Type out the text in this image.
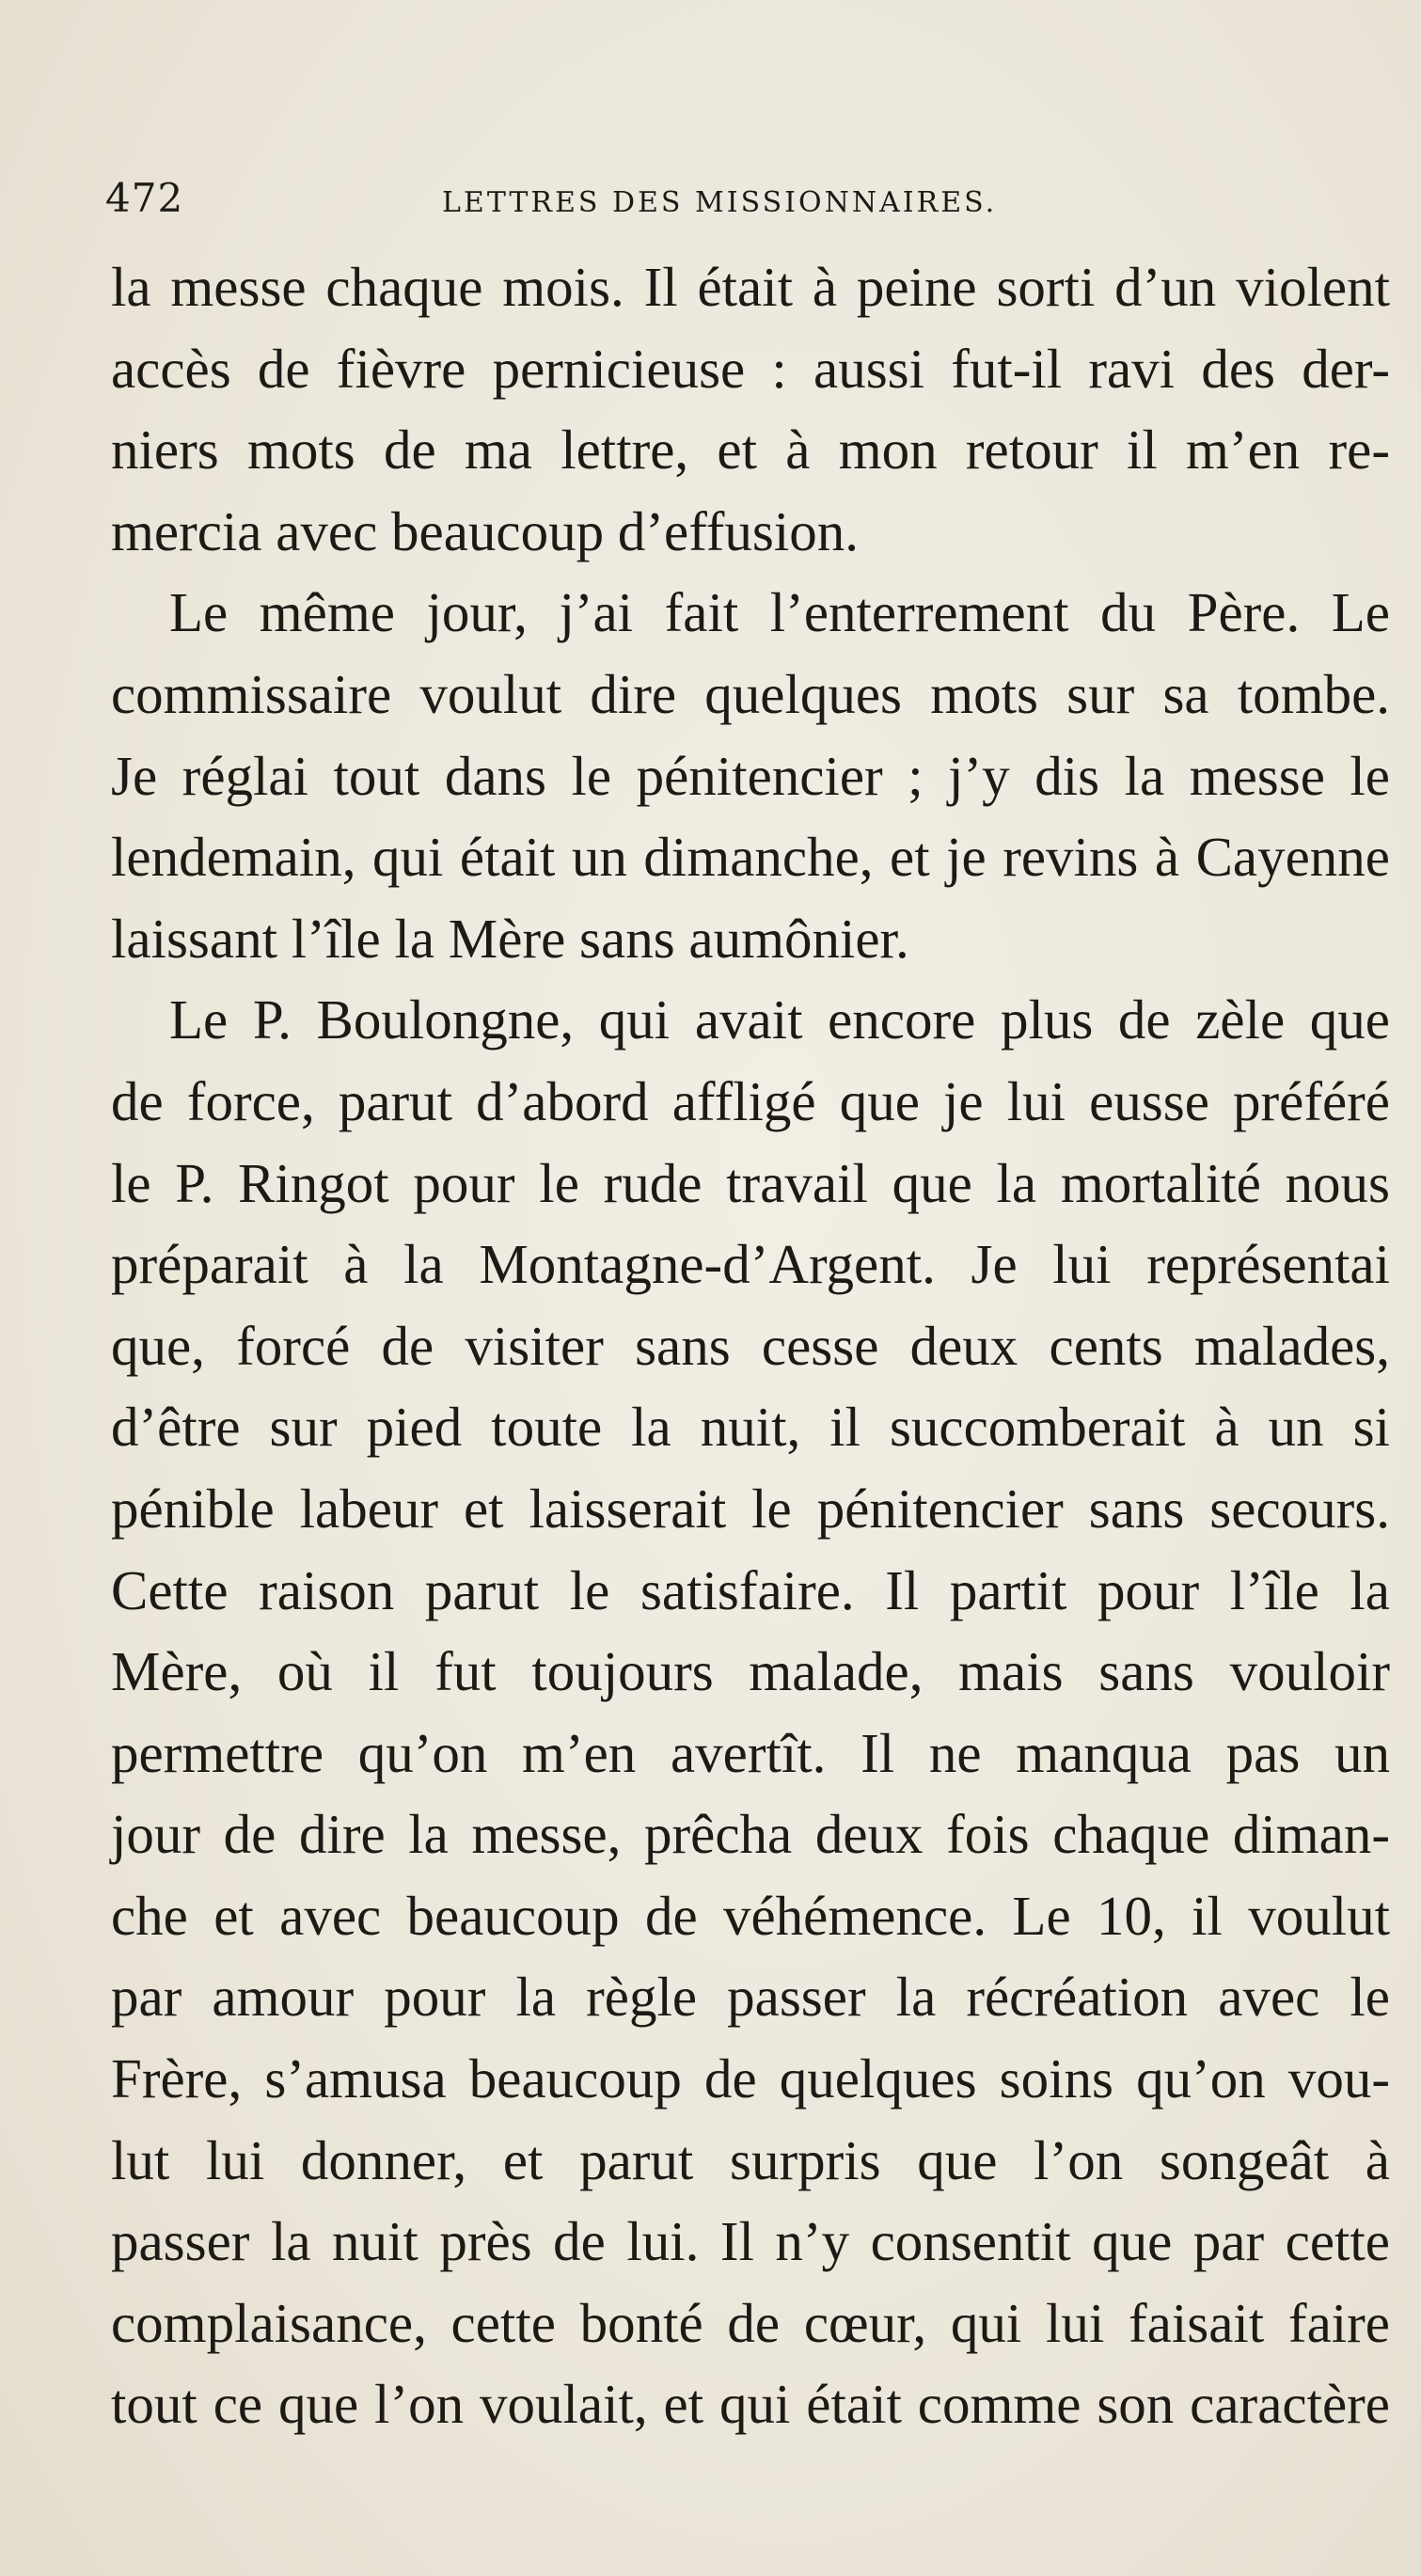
472	LETTRES DES MISSIONNAIRES.
la messe chaque mois. Il était à peine sorti d’un violent
accès de fièvre pernicieuse : aussi fut-il ravi des der-
niers mots de ma lettre, et à mon retour il m’en re-
mercia avec beaucoup d’effusion.
Le même jour, j’ai fait l’enterrement du Père. Le
commissaire voulut dire quelques mots sur sa tombe.
Je réglai tout dans le pénitencier ; j’y dis la messe le
lendemain, qui était un dimanche, et je revins à Cayenne
laissant l’île la Mère sans aumônier.
Le P. Boulongne, qui avait encore plus de zèle que
de force, parut d’abord affligé que je lui eusse préféré
le P. Ringot pour le rude travail que la mortalité nous
préparait à la Montagne-d’Argent. Je lui représentai
que, forcé de visiter sans cesse deux cents malades,
d’être sur pied toute la nuit, il succomberait à un si
pénible labeur et laisserait le pénitencier sans secours.
Cette raison parut le satisfaire. Il partit pour l’île la
Mère, où il fut toujours malade, mais sans vouloir
permettre qu’on m’en avertît. Il ne manqua pas un
jour de dire la messe, prêcha deux fois chaque diman-
che et avec beaucoup de véhémence. Le 10, il voulut
par amour pour la règle passer la récréation avec le
Frère, s’amusa beaucoup de quelques soins qu’on vou-
lut lui donner, et parut surpris que l’on songeât à
passer la nuit près de lui. Il n’y consentit que par cette
complaisance, cette bonté de cœur, qui lui faisait faire
tout ce que l’on voulait, et qui était comme son caractère
